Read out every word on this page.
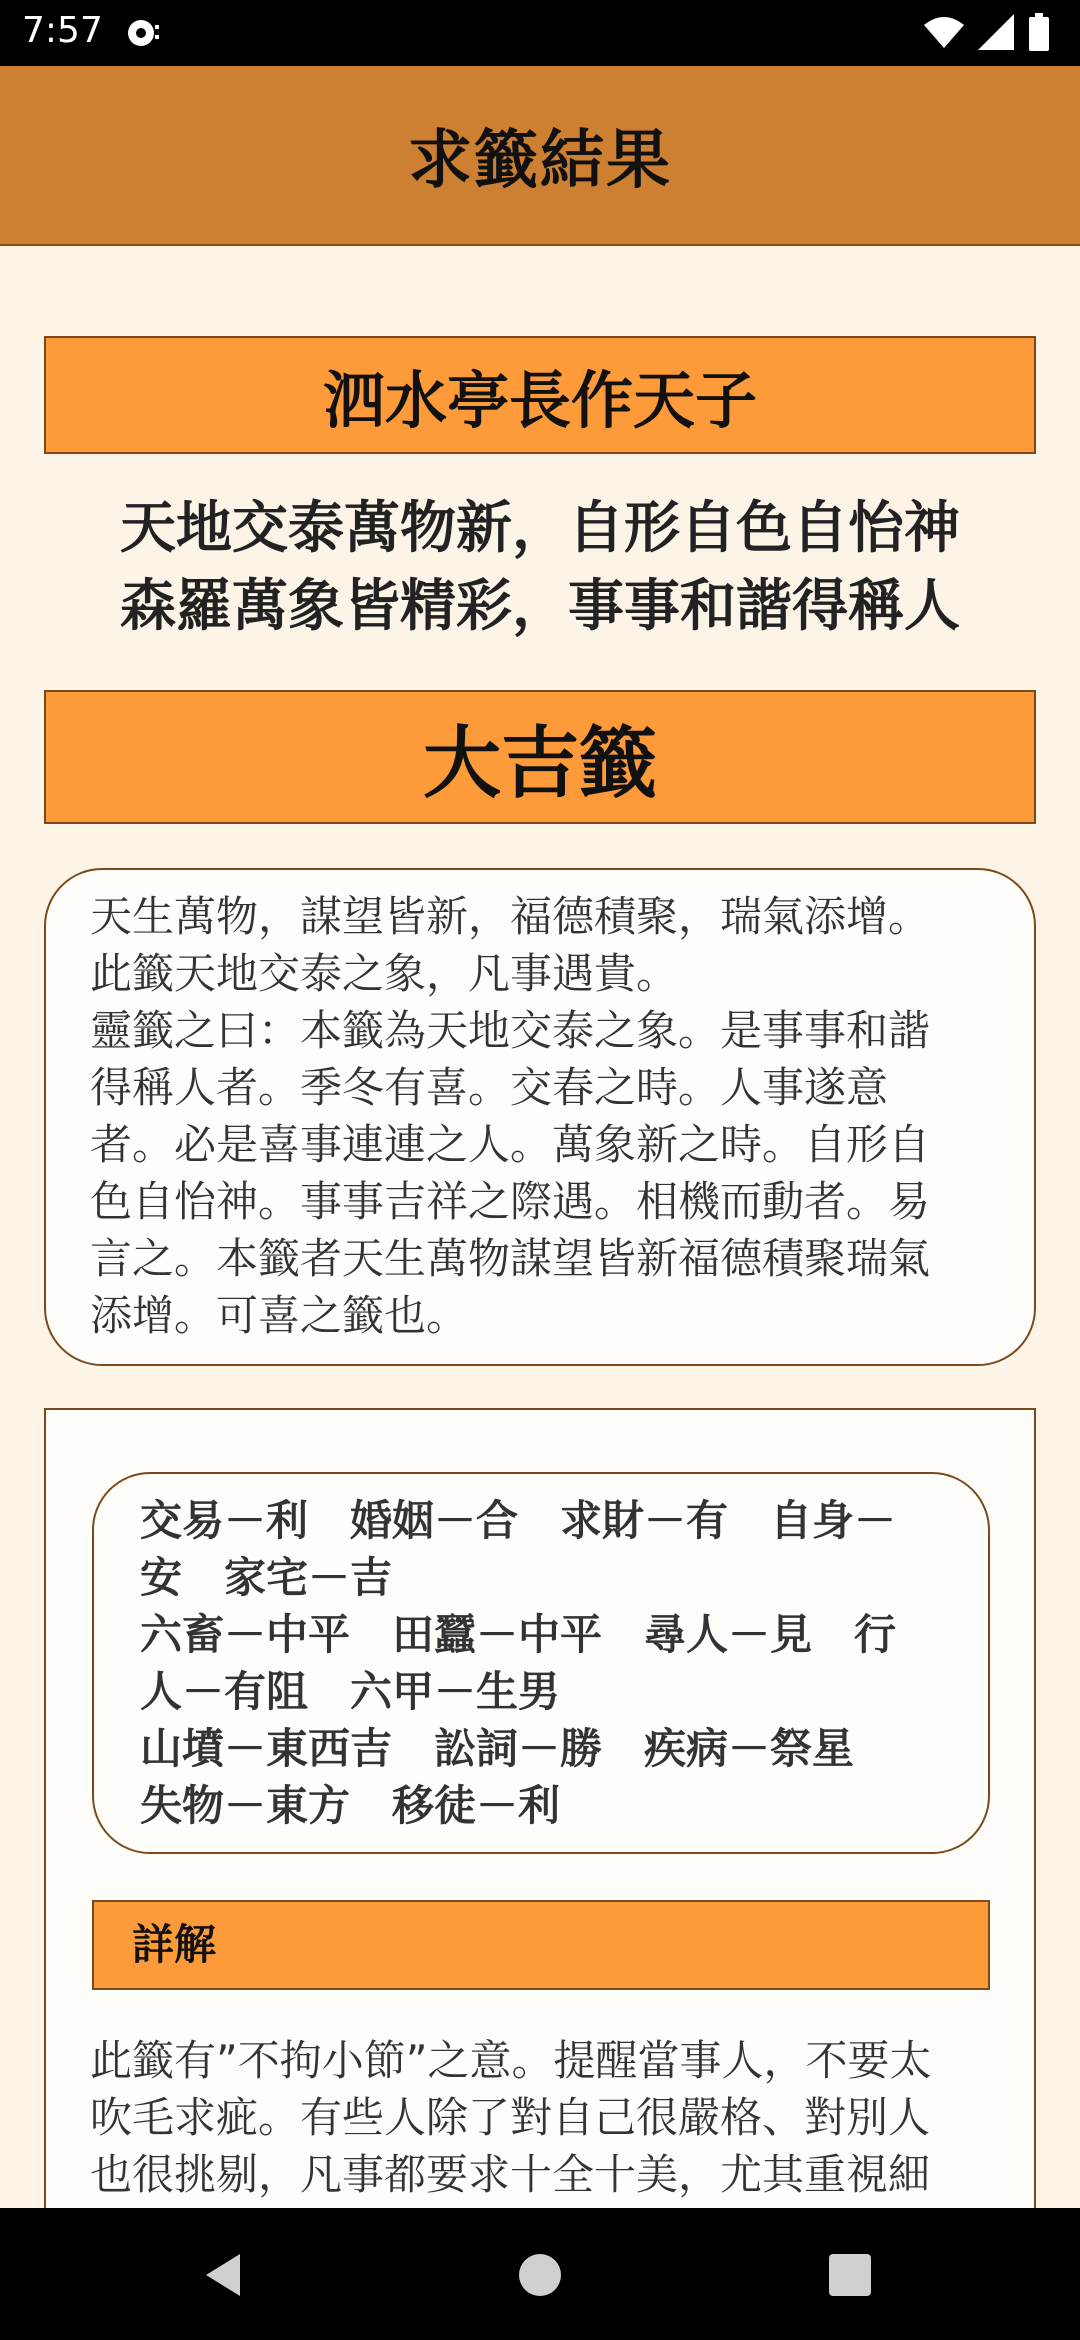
7:57
求籤結果
泗水亭長作天子
天地交泰萬物新，自形自色自怡神
森羅萬象皆精彩，事事和諧得稱人
大吉籤
天生萬物，謀望皆新，福德積聚，瑞氣添增。
此籤天地交泰之象，凡事遇貴。
靈籤之曰：本籤為天地交泰之象。是事事和諧
得稱人者。季冬有喜。交春之時。人事遂意
者。必是喜事連連之人。萬象新之時。自形自
色自怡神。事事吉祥之際遇。相機而動者。易
言之。本籤者天生萬物謀望皆新福德積聚瑞氣
添增。可喜之籤也。
交易－利　婚姻－合　求財－有　自身－
安　家宅－吉
六畜－中平　田蠶－中平　尋人－見　行
人－有阻　六甲－生男
山墳－東西吉　訟詞－勝　疾病－祭星
失物－東方　移徒－利
詳解
此籤有”不拘小節”之意。提醒當事人，不要太
吹毛求疵。有些人除了對自己很嚴格、對別人
也很挑剔，凡事都要求十全十美，尤其重視細
